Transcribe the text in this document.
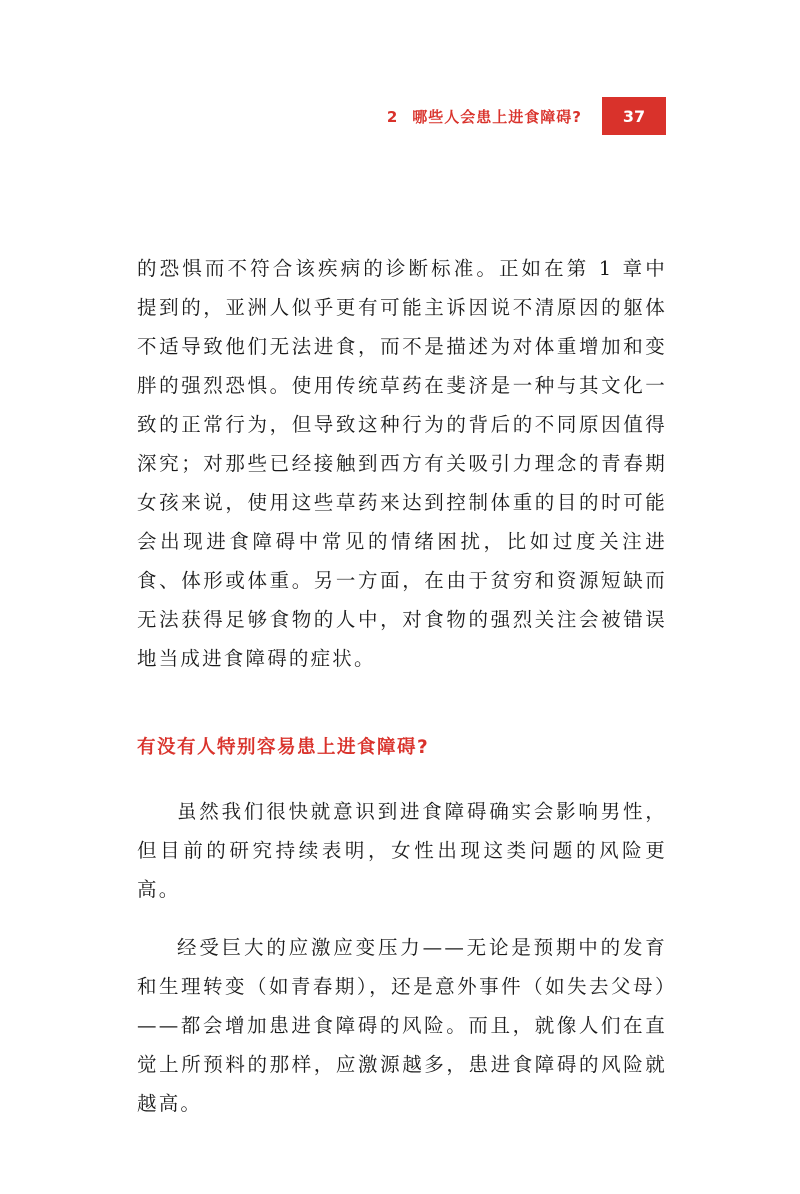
2 哪些人会患上进食障碍?	37

的恐惧而不符合该疾病的诊断标准。正如在第 1 章中提到的，亚洲人似乎更有可能主诉因说不清原因的躯体不适导致他们无法进食，而不是描述为对体重增加和变胖的强烈恐惧。使用传统草药在斐济是一种与其文化一致的正常行为，但导致这种行为的背后的不同原因值得深究；对那些已经接触到西方有关吸引力理念的青春期女孩来说，使用这些草药来达到控制体重的目的时可能会出现进食障碍中常见的情绪困扰，比如过度关注进食、体形或体重。另一方面，在由于贫穷和资源短缺而无法获得足够食物的人中，对食物的强烈关注会被错误地当成进食障碍的症状。

有没有人特别容易患上进食障碍?

虽然我们很快就意识到进食障碍确实会影响男性，但目前的研究持续表明，女性出现这类问题的风险更高。

经受巨大的应激应变压力——无论是预期中的发育和生理转变（如青春期），还是意外事件（如失去父母）——都会增加患进食障碍的风险。而且，就像人们在直觉上所预料的那样，应激源越多，患进食障碍的风险就越高。
